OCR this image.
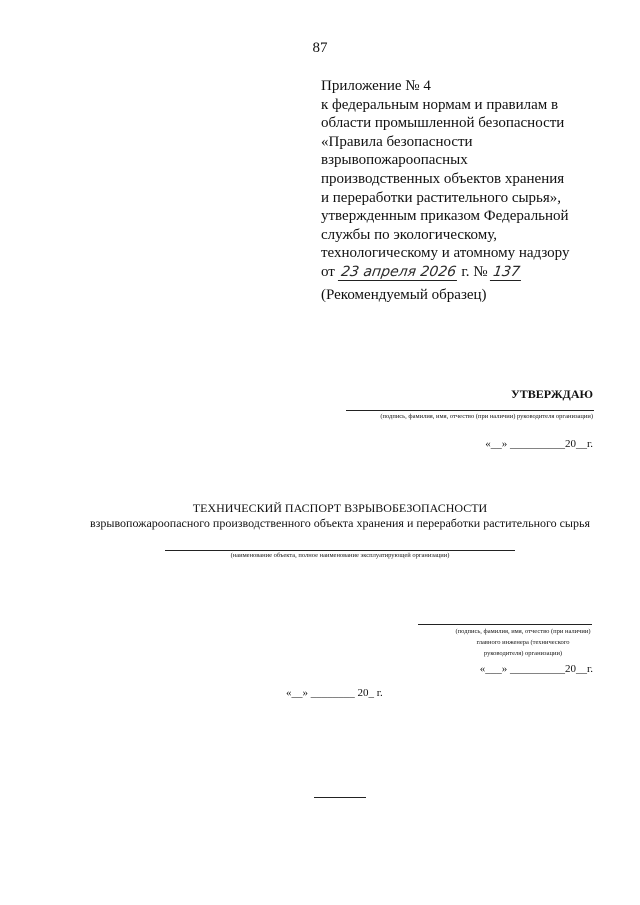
87
Приложение № 4
к федеральным нормам и правилам в
области промышленной безопасности
«Правила безопасности
взрывопожароопасных
производственных объектов хранения
и переработки растительного сырья»,
утвержденным приказом Федеральной
службы по экологическому,
технологическому и атомному надзору
от 23 апреля 2026 г. № 137
(Рекомендуемый образец)
УТВЕРЖДАЮ
(подпись, фамилия, имя, отчество (при наличии) руководителя организации)
«__» __________20__г.
ТЕХНИЧЕСКИЙ ПАСПОРТ ВЗРЫВОБЕЗОПАСНОСТИ
взрывопожароопасного производственного объекта хранения и переработки растительного сырья
(наименование объекта, полное наименование эксплуатирующей организации)
(подпись, фамилия, имя, отчество (при наличии)
главного инженера (технического
руководителя) организации)
«___» __________20__г.
«__» ________ 20_ г.
